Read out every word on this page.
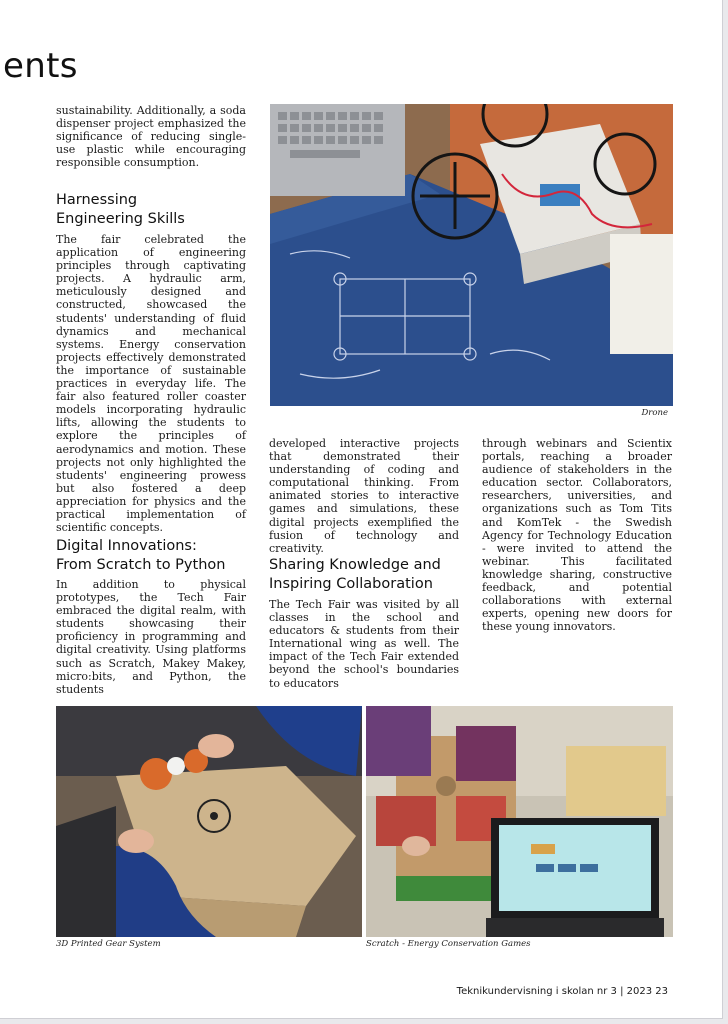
ents

sustainability. Additionally, a soda dispenser project emphasized the significance of reducing single-use plastic while encouraging responsible consumption.

Harnessing
Engineering Skills

The fair celebrated the application of engineering principles through captivating projects. A hydraulic arm, meticulously designed and constructed, showcased the students' understanding of fluid dynamics and mechanical systems. Energy conservation projects effectively demonstrated the importance of sustainable practices in everyday life. The fair also featured roller coaster models incorporating hydraulic lifts, allowing the students to explore the principles of aerodynamics and motion. These projects not only highlighted the students' engineering prowess but also fostered a deep appreciation for physics and the practical implementation of scientific concepts.

Digital Innovations:
From Scratch to Python

In addition to physical prototypes, the Tech Fair embraced the digital realm, with students showcasing their proficiency in programming and digital creativity. Using platforms such as Scratch, Makey Makey, micro:bits, and Python, the students

developed interactive projects that demonstrated their understanding of coding and computational thinking. From animated stories to interactive games and simulations, these digital projects exemplified the fusion of technology and creativity.

Sharing Knowledge and
Inspiring Collaboration

The Tech Fair was visited by all classes in the school and educators & students from their International wing as well. The impact of the Tech Fair extended beyond the school's boundaries to educators

through webinars and Scientix portals, reaching a broader audience of stakeholders in the education sector. Collaborators, researchers, universities, and organizations such as Tom Tits and KomTek - the Swedish Agency for Technology Education - were invited to attend the webinar. This facilitated knowledge sharing, constructive feedback, and potential collaborations with external experts, opening new doors for these young innovators.

Drone

3D Printed Gear System	Scratch - Energy Conservation Games

Teknikundervisning i skolan nr 3 | 2023 23
